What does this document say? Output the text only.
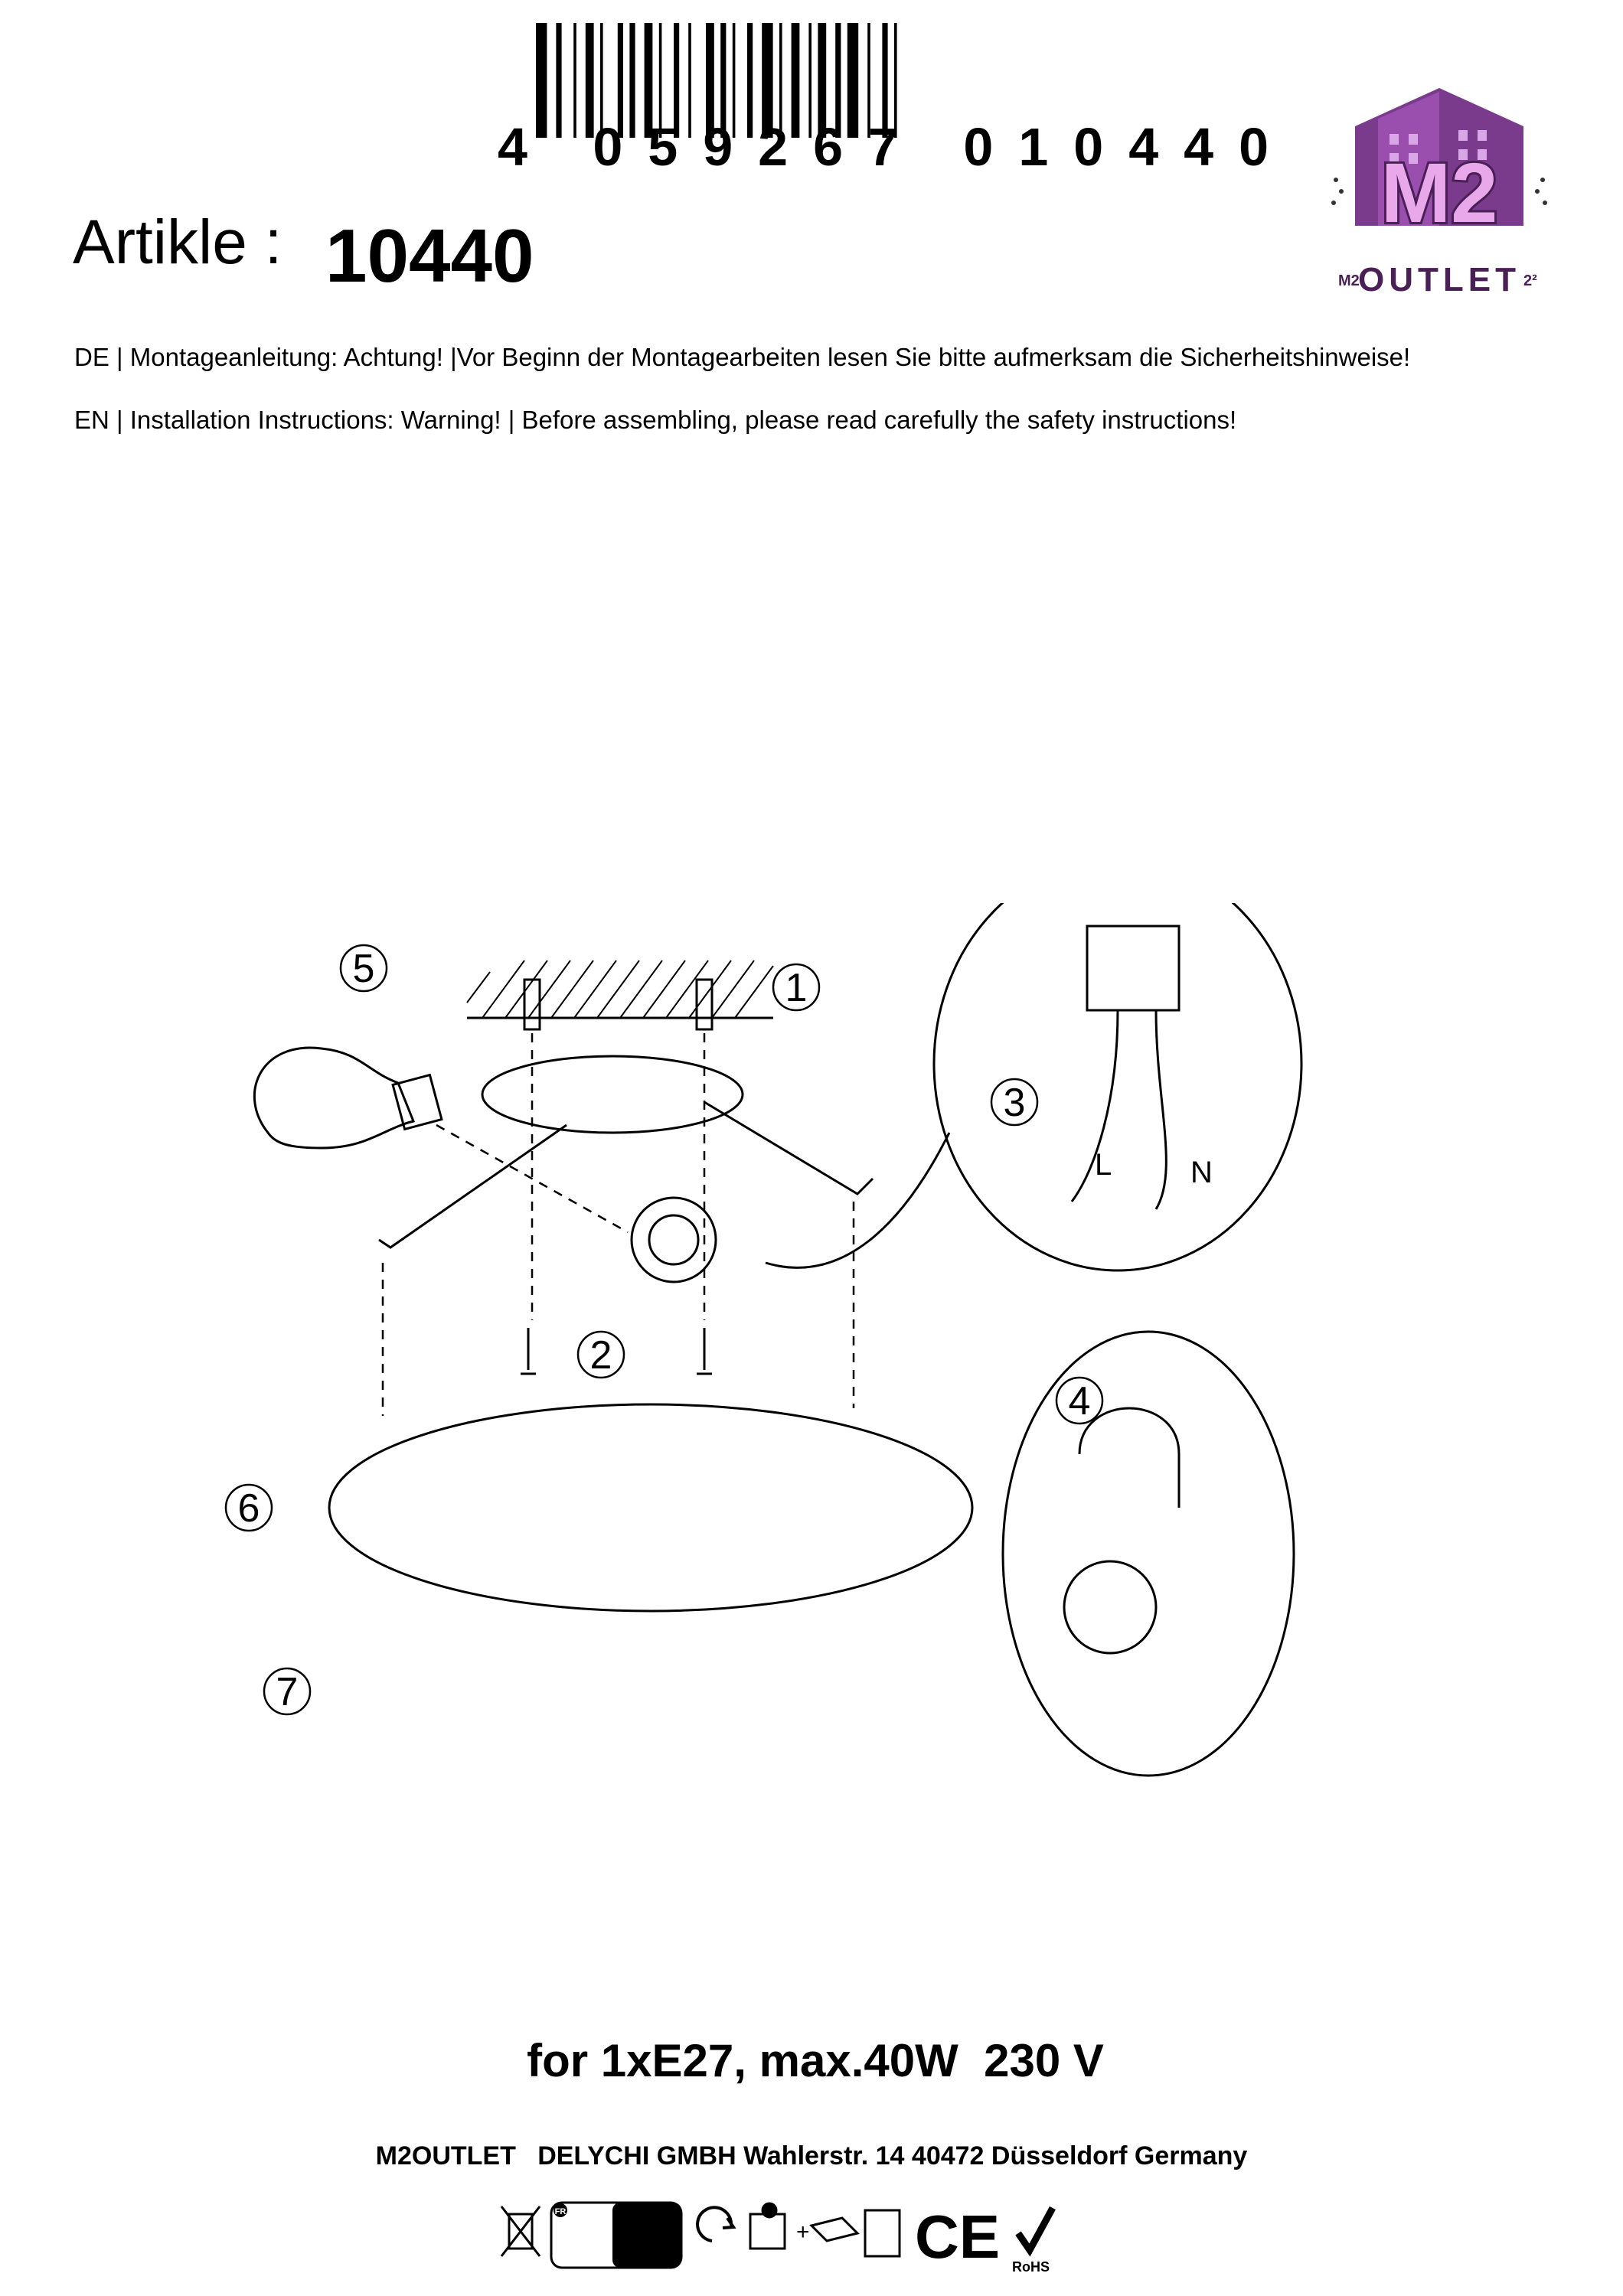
4 059267 010440
Artikle : 10440
M2
M2
OUTLET 2²
DE | Montageanleitung: Achtung! |Vor Beginn der Montagearbeiten lesen Sie bitte aufmerksam die Sicherheitshinweise!
EN | Installation Instructions: Warning! | Before assembling, please read carefully the safety instructions!
1
2
3
4
5
6
7
L	N
for 1xE27, max.40W  230 V
M2OUTLET   DELYCHI GMBH Wahlerstr. 14 40472 Düsseldorf Germany
FR
+ CE RoHS
